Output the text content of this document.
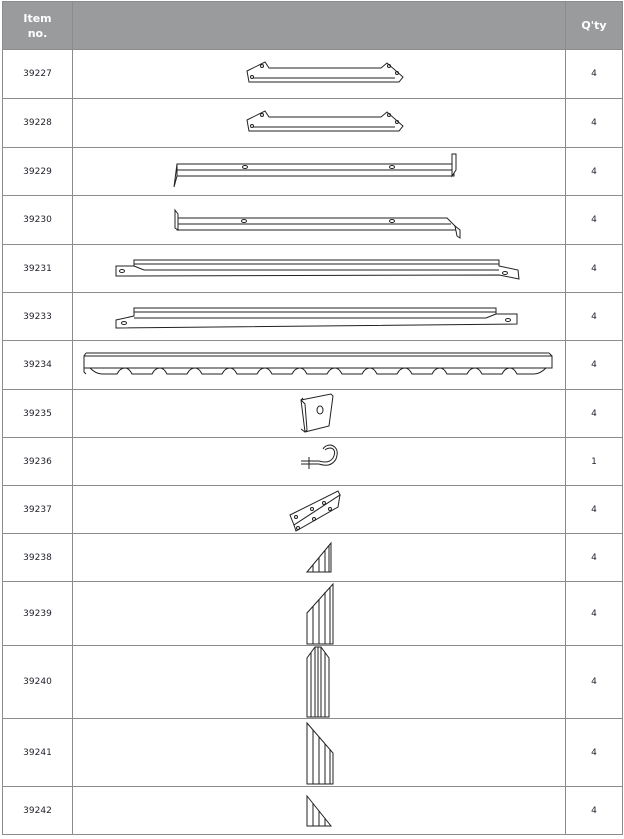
Item no.		Q'ty
39227		4
39228		4
39229		4
39230		4
39231		4
39233		4
39234		4
39235		4
39236		1
39237		4
39238		4
39239		4
39240		4
39241		4
39242		4
